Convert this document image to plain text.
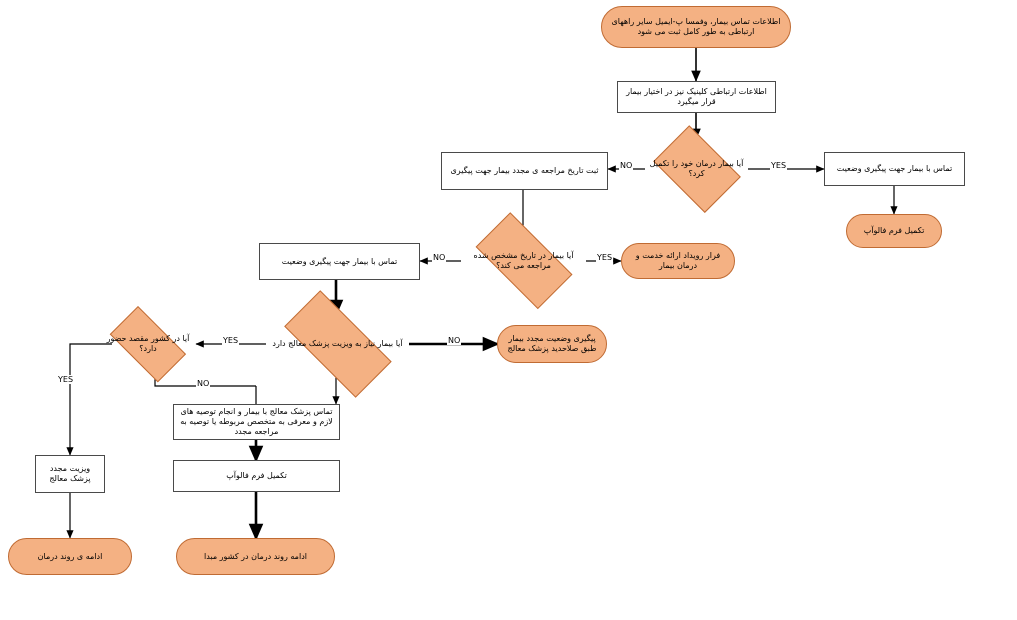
اطلاعات تماس بیمار، وفمسا پ-ایمیل سایر راههای ارتباطی به طور کامل ثبت می شود
اطلاعات ارتباطی کلینیک نیز در اختیار بیمار قرار میگیرد
آیا بیمار درمان خود را تکمیل کرد؟
تماس با بیمار جهت پیگیری وضعیت
تکمیل فرم فالوآپ
ثبت تاریخ مراجعه ی مجدد بیمار جهت پیگیری
آیا بیمار در تاریخ مشخص شده مراجعه می کند؟
فرار رویداد ارائه خدمت و درمان بیمار
تماس با بیمار جهت پیگیری وضعیت
آیا بیمار نیاز به ویزیت پزشک معالج دارد
پیگیری وضعیت مجدد بیمار طبق صلاحدید پزشک معالج
آیا در کشور مقصد حضور دارد؟
تماس پزشک معالج با بیمار و انجام توصیه های لازم و معرفی به متخصص مربوطه یا توصیه به مراجعه مجدد
ویزیت مجدد پزشک معالج	تکمیل فرم فالوآپ
ادامه ی روند درمان	ادامه روند درمان در کشور مبدا
YES
NO
YES
NO
NO
YES
NO
YES
